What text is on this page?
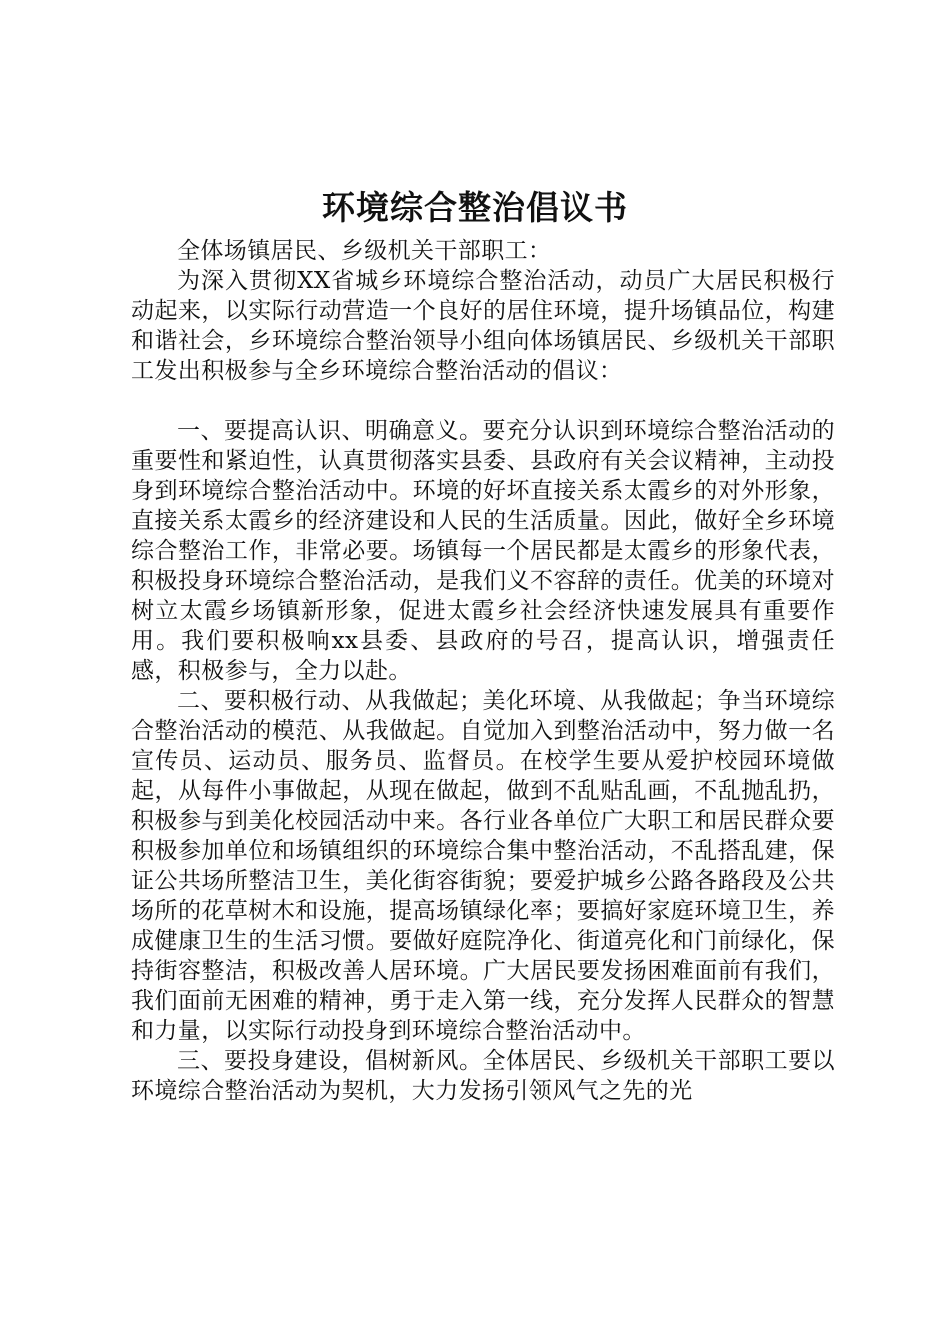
环境综合整治倡议书

全体场镇居民、乡级机关干部职工：

为深入贯彻XX省城乡环境综合整治活动，动员广大居民积极行动起来，以实际行动营造一个良好的居住环境，提升场镇品位，构建和谐社会，乡环境综合整治领导小组向体场镇居民、乡级机关干部职工发出积极参与全乡环境综合整治活动的倡议：

一、要提高认识、明确意义。要充分认识到环境综合整治活动的重要性和紧迫性，认真贯彻落实县委、县政府有关会议精神，主动投身到环境综合整治活动中。环境的好坏直接关系太霞乡的对外形象，直接关系太霞乡的经济建设和人民的生活质量。因此，做好全乡环境综合整治工作，非常必要。场镇每一个居民都是太霞乡的形象代表，积极投身环境综合整治活动，是我们义不容辞的责任。优美的环境对树立太霞乡场镇新形象，促进太霞乡社会经济快速发展具有重要作用。我们要积极响xx县委、县政府的号召，提高认识，增强责任感，积极参与，全力以赴。

二、要积极行动、从我做起；美化环境、从我做起；争当环境综合整治活动的模范、从我做起。自觉加入到整治活动中，努力做一名宣传员、运动员、服务员、监督员。在校学生要从爱护校园环境做起，从每件小事做起，从现在做起，做到不乱贴乱画，不乱抛乱扔，积极参与到美化校园活动中来。各行业各单位广大职工和居民群众要积极参加单位和场镇组织的环境综合集中整治活动，不乱搭乱建，保证公共场所整洁卫生，美化街容街貌；要爱护城乡公路各路段及公共场所的花草树木和设施，提高场镇绿化率；要搞好家庭环境卫生，养成健康卫生的生活习惯。要做好庭院净化、街道亮化和门前绿化，保持街容整洁，积极改善人居环境。广大居民要发扬困难面前有我们，我们面前无困难的精神，勇于走入第一线，充分发挥人民群众的智慧和力量，以实际行动投身到环境综合整治活动中。

三、要投身建设，倡树新风。全体居民、乡级机关干部职工要以环境综合整治活动为契机，大力发扬引领风气之先的光
